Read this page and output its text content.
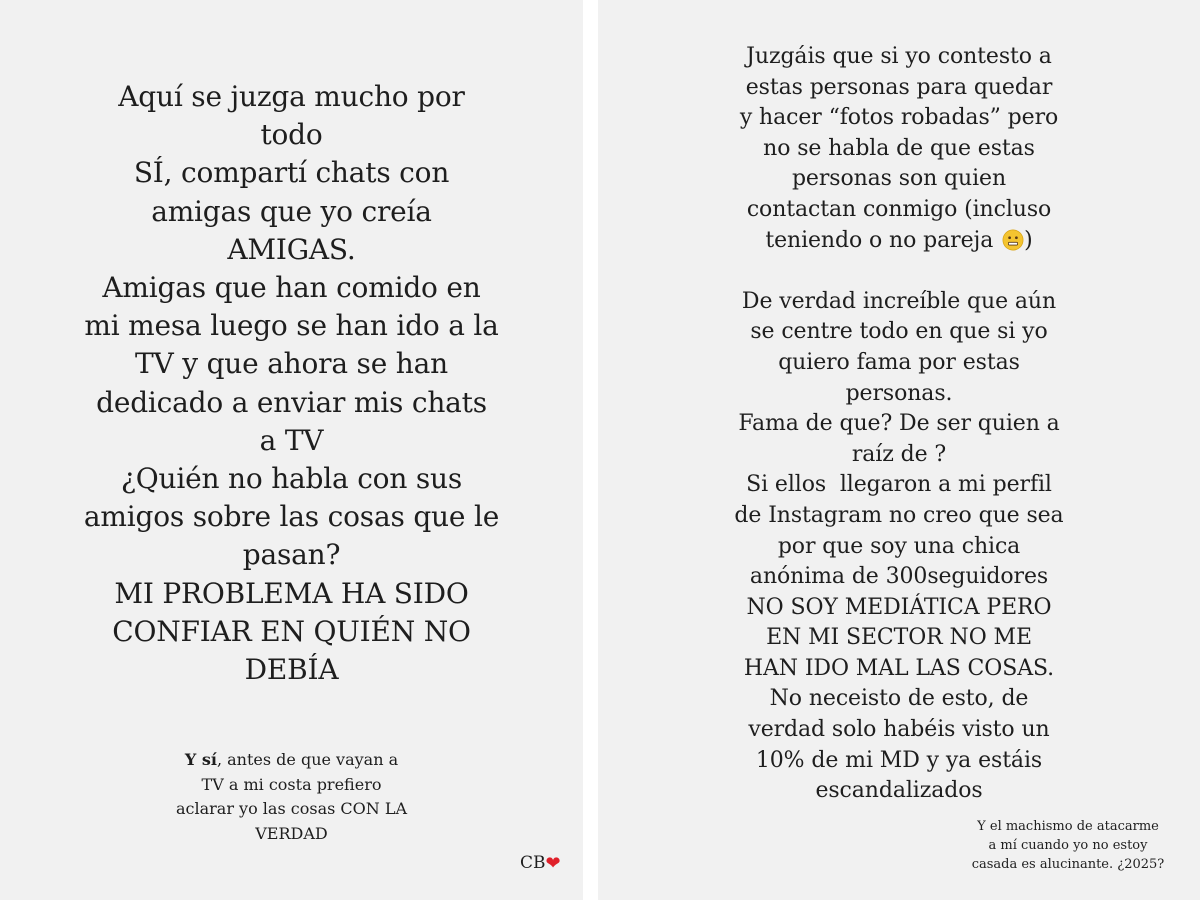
Aquí se juzga mucho por
todo
SÍ, compartí chats con
amigas que yo creía
AMIGAS.
Amigas que han comido en
mi mesa luego se han ido a la
TV y que ahora se han
dedicado a enviar mis chats
a TV
¿Quién no habla con sus
amigos sobre las cosas que le
pasan?
MI PROBLEMA HA SIDO
CONFIAR EN QUIÉN NO
DEBÍA
Y sí, antes de que vayan a
TV a mi costa prefiero
aclarar yo las cosas CON LA
VERDAD
CB❤
Juzgáis que si yo contesto a
estas personas para quedar
y hacer “fotos robadas” pero
no se habla de que estas
personas son quien
contactan conmigo (incluso
teniendo o no pareja )
De verdad increíble que aún
se centre todo en que si yo
quiero fama por estas
personas.
Fama de que? De ser quien a
raíz de ?
Si ellos  llegaron a mi perfil
de Instagram no creo que sea
por que soy una chica
anónima de 300seguidores
NO SOY MEDIÁTICA PERO
EN MI SECTOR NO ME
HAN IDO MAL LAS COSAS.
No neceisto de esto, de
verdad solo habéis visto un
10% de mi MD y ya estáis
escandalizados
Y el machismo de atacarme
a mí cuando yo no estoy
casada es alucinante. ¿2025?
